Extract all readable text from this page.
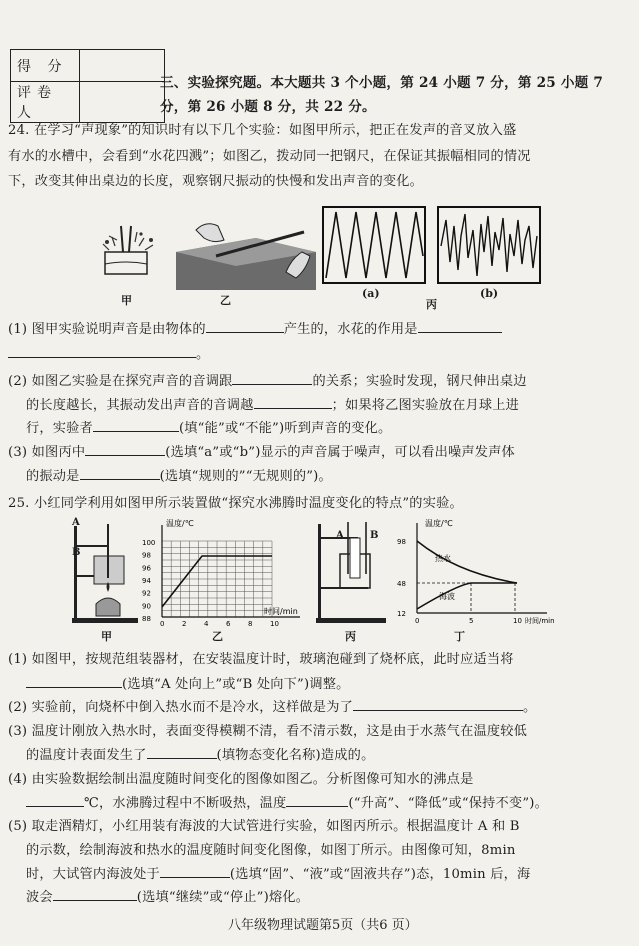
得 分	
评卷人	
三、实验探究题。本大题共 3 个小题，第 24 小题 7 分，第 25 小题 7
分，第 26 小题 8 分，共 22 分。
24. 在学习“声现象”的知识时有以下几个实验：如图甲所示，把正在发声的音叉放入盛
有水的水槽中，会看到“水花四溅”；如图乙，拨动同一把钢尺，在保证其振幅相同的情况
下，改变其伸出桌边的长度，观察钢尺振动的快慢和发出声音的变化。
甲	乙
(a)	(b)
丙
(1) 图甲实验说明声音是由物体的	产生的，水花的作用是
。
(2) 如图乙实验是在探究声音的音调跟	的关系；实验时发现，钢尺伸出桌边
的长度越长，其振动发出声音的音调越	；如果将乙图实验放在月球上进
行，实验者	(填“能”或“不能”)听到声音的变化。
(3) 如图丙中	(选填“a”或“b”)显示的声音属于噪声，可以看出噪声发声体
的振动是	(选填“规则的”“无规则的”)。
25. 小红同学利用如图甲所示装置做“探究水沸腾时温度变化的特点”的实验。
A
B
甲
100
98
96
94
92
90
88
0	2	4	6	8	10
温度/℃
时间/min
乙
A	B
丙
温度/℃
时间/min
98
48
12
0	5	10
热水
海波
丁
(1) 如图甲，按规范组装器材，在安装温度计时，玻璃泡碰到了烧杯底，此时应适当将
(选填“A 处向上”或“B 处向下”)调整。
(2) 实验前，向烧杯中倒入热水而不是冷水，这样做是为了	。
(3) 温度计刚放入热水时，表面变得模糊不清，看不清示数，这是由于水蒸气在温度较低
的温度计表面发生了	(填物态变化名称)造成的。
(4) 由实验数据绘制出温度随时间变化的图像如图乙。分析图像可知水的沸点是
℃，水沸腾过程中不断吸热，温度	(“升高”、“降低”或“保持不变”)。
(5) 取走酒精灯，小红用装有海波的大试管进行实验，如图丙所示。根据温度计 A 和 B
的示数，绘制海波和热水的温度随时间变化图像，如图丁所示。由图像可知，8min
时，大试管内海波处于	(选填“固”、“液”或“固液共存”)态，10min 后，海
波会	(选填“继续”或“停止”)熔化。
八年级物理试题第5页（共6 页）
